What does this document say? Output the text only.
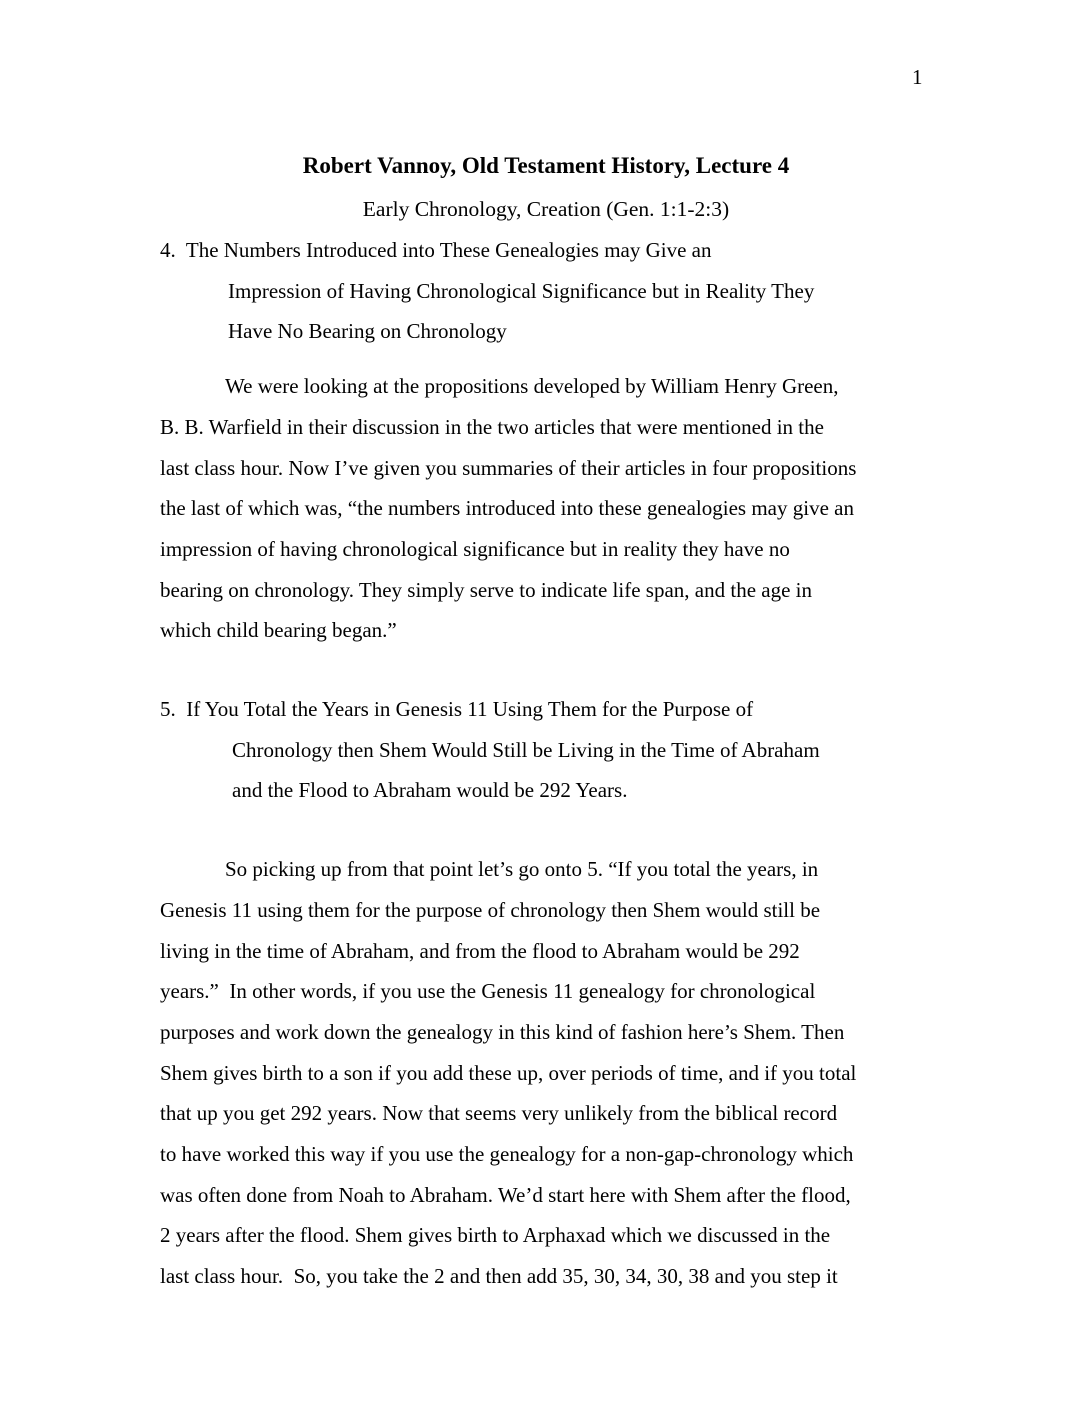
1
Robert Vannoy, Old Testament History, Lecture 4
Early Chronology, Creation (Gen. 1:1-2:3)
4.  The Numbers Introduced into These Genealogies may Give an
Impression of Having Chronological Significance but in Reality They
Have No Bearing on Chronology
We were looking at the propositions developed by William Henry Green,
B. B. Warfield in their discussion in the two articles that were mentioned in the
last class hour. Now I’ve given you summaries of their articles in four propositions
the last of which was, “the numbers introduced into these genealogies may give an
impression of having chronological significance but in reality they have no
bearing on chronology. They simply serve to indicate life span, and the age in
which child bearing began.”
5.  If You Total the Years in Genesis 11 Using Them for the Purpose of
Chronology then Shem Would Still be Living in the Time of Abraham
and the Flood to Abraham would be 292 Years.
So picking up from that point let’s go onto 5. “If you total the years, in
Genesis 11 using them for the purpose of chronology then Shem would still be
living in the time of Abraham, and from the flood to Abraham would be 292
years.”  In other words, if you use the Genesis 11 genealogy for chronological
purposes and work down the genealogy in this kind of fashion here’s Shem. Then
Shem gives birth to a son if you add these up, over periods of time, and if you total
that up you get 292 years. Now that seems very unlikely from the biblical record
to have worked this way if you use the genealogy for a non-gap-chronology which
was often done from Noah to Abraham. We’d start here with Shem after the flood,
2 years after the flood. Shem gives birth to Arphaxad which we discussed in the
last class hour.  So, you take the 2 and then add 35, 30, 34, 30, 38 and you step it
